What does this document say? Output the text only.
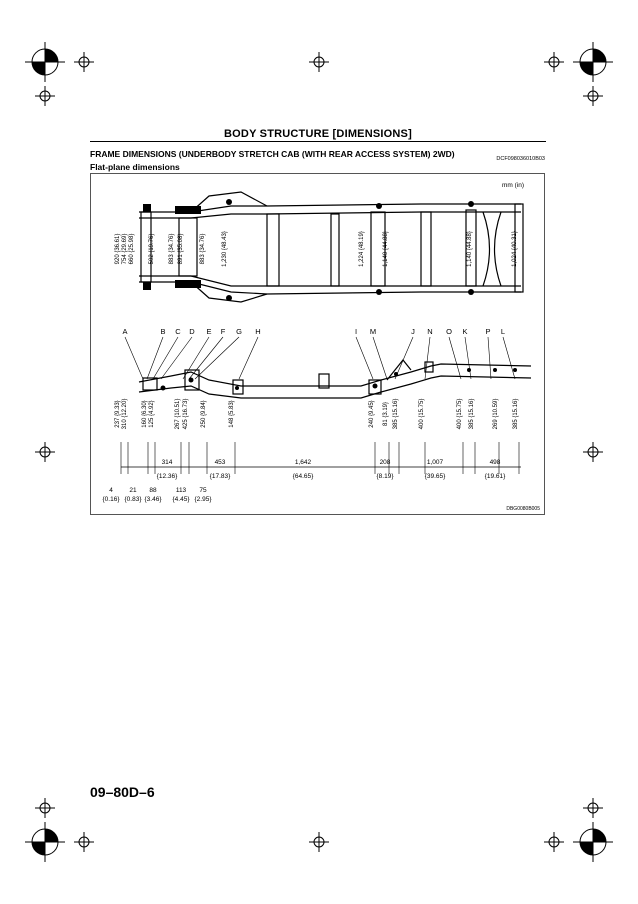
BODY STRUCTURE [DIMENSIONS]
FRAME DIMENSIONS (UNDERBODY STRETCH CAB (WITH REAR ACCESS SYSTEM) 2WD)	DCF098036010B03
Flat-plane dimensions
920 {36.61} 754 {29.69} 660 {25.98} 502 {19.76} 883 {34.76} 891 {35.08}	883 {34.76}	1,230 {48.43}	1,224 {48.19}	1,140 {44.88}	1,140 {44.88}	1,024 {40.31}
A	B C D E F G H	I M	J N O K P L
237 {9.33} 310 {12.20} 160 {6.30} 125 {4.92}	267 {10.51} 425 {16.73} 250 {9.84}	148 {5.83}	240 {9.45} 81 {3.19} 385 {15.16}	400 {15.75}	400 {15.75} 385 {15.16}	269 {10.59} 385 {15.16}
314
{12.36}
453
{17.83}
1,642
{64.65}
208
{8.19}
1,007
{39.65}
498
{19.61}
4
{0.16}
21
{0.83}
88
{3.46}
113
{4.45}
75
{2.95}
mm (in)
DBG0080B005
09–80D–6
